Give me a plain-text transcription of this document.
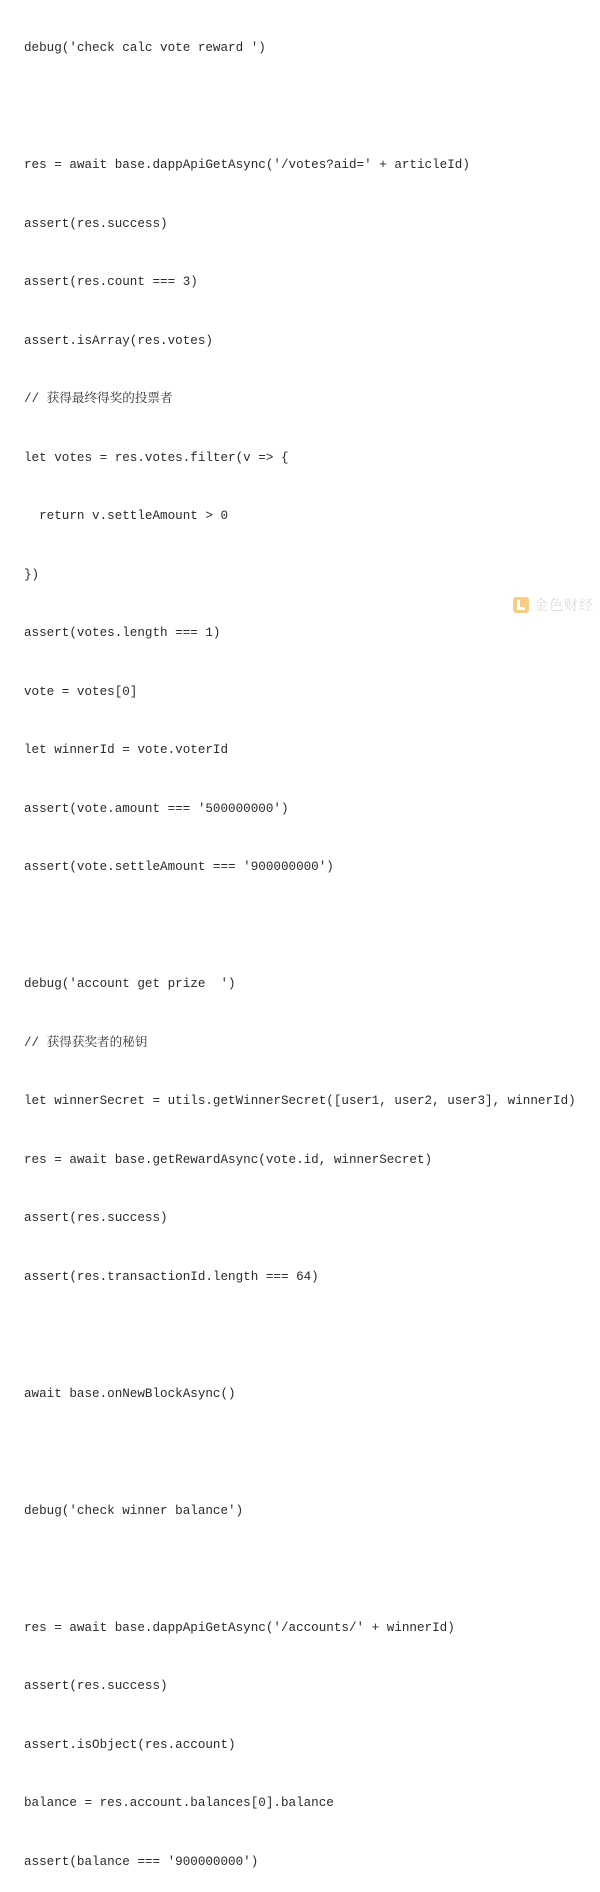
debug('check calc vote reward ')

res = await base.dappApiGetAsync('/votes?aid=' + articleId)

assert(res.success)

assert(res.count === 3)

assert.isArray(res.votes)

// 获得最终得奖的投票者

let votes = res.votes.filter(v => {

return v.settleAmount > 0

})

assert(votes.length === 1)

vote = votes[0]

let winnerId = vote.voterId

assert(vote.amount === '500000000')

assert(vote.settleAmount === '900000000')

debug('account get prize  ')

// 获得获奖者的秘钥

let winnerSecret = utils.getWinnerSecret([user1, user2, user3], winnerId)

res = await base.getRewardAsync(vote.id, winnerSecret)

assert(res.success)

assert(res.transactionId.length === 64)

await base.onNewBlockAsync()

debug('check winner balance')

res = await base.dappApiGetAsync('/accounts/' + winnerId)

assert(res.success)

assert.isObject(res.account)

balance = res.account.balances[0].balance

assert(balance === '900000000')

金色财经
